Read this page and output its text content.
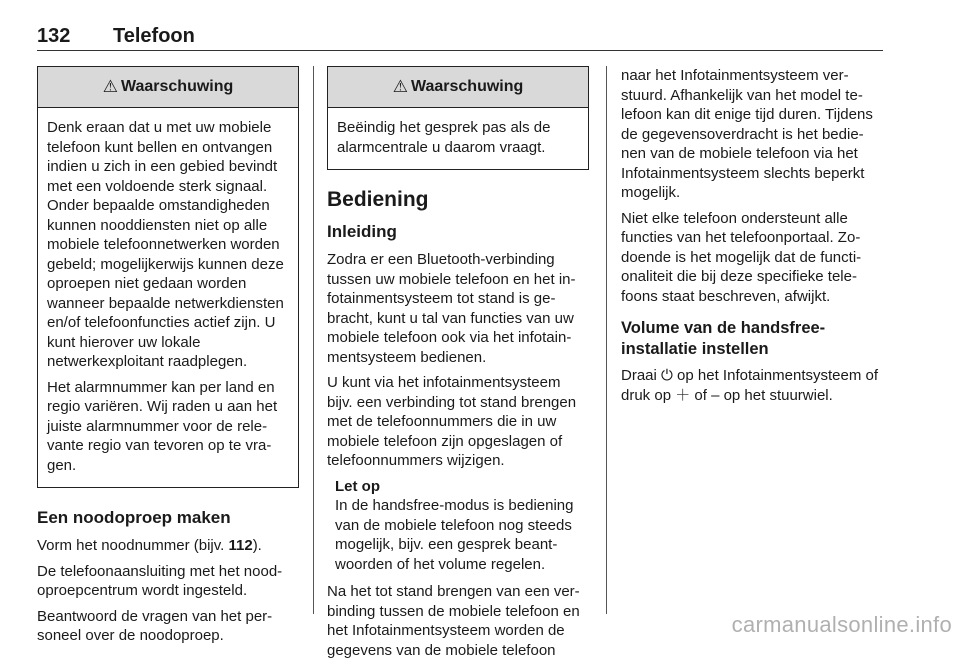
132 Telefoon
⚠ Waarschuwing

Denk eraan dat u met uw mobiele telefoon kunt bellen en ontvangen indien u zich in een gebied bevindt met een voldoende sterk signaal. Onder bepaalde omstandigheden kunnen nooddiensten niet op alle mobiele telefoonnetwerken worden gebeld; mogelijkerwijs kunnen deze oproepen niet gedaan worden wanneer bepaalde netwerkdiensten en/of telefoonfuncties actief zijn. U kunt hierover uw lokale netwerkexploitant raadplegen.

Het alarmnummer kan per land en regio variëren. Wij raden u aan het juiste alarmnummer voor de relevante regio van tevoren op te vragen.

Een noodoproep maken

Vorm het noodnummer (bijv. 112).

De telefoonaansluiting met het noodoproepcentrum wordt ingesteld.

Beantwoord de vragen van het personeel over de noodoproep.

⚠ Waarschuwing

Beëindig het gesprek pas als de alarmcentrale u daarom vraagt.

Bediening
Inleiding

Zodra er een Bluetooth-verbinding tussen uw mobiele telefoon en het infotainmentsysteem tot stand is gebracht, kunt u tal van functies van uw mobiele telefoon ook via het infotainmentsysteem bedienen.

U kunt via het infotainmentsysteem bijv. een verbinding tot stand brengen met de telefoonnummers die in uw mobiele telefoon zijn opgeslagen of telefoonnummers wijzigen.

Let op

In de handsfree-modus is bediening van de mobiele telefoon nog steeds mogelijk, bijv. een gesprek beantwoorden of het volume regelen.

Na het tot stand brengen van een verbinding tussen de mobiele telefoon en het Infotainmentsysteem worden de gegevens van de mobiele telefoon

naar het Infotainmentsysteem verstuurd. Afhankelijk van het model telefoon kan dit enige tijd duren. Tijdens de gegevensoverdracht is het bedienen van de mobiele telefoon via het Infotainmentsysteem slechts beperkt mogelijk.

Niet elke telefoon ondersteunt alle functies van het telefoonportaal. Zodoende is het mogelijk dat de functionaliteit die bij deze specifieke telefoons staat beschreven, afwijkt.

Volume van de handsfree-installatie instellen

Draai ⏻ op het Infotainmentsysteem of druk op ＋ of – op het stuurwiel.

carmanualsonline.info
